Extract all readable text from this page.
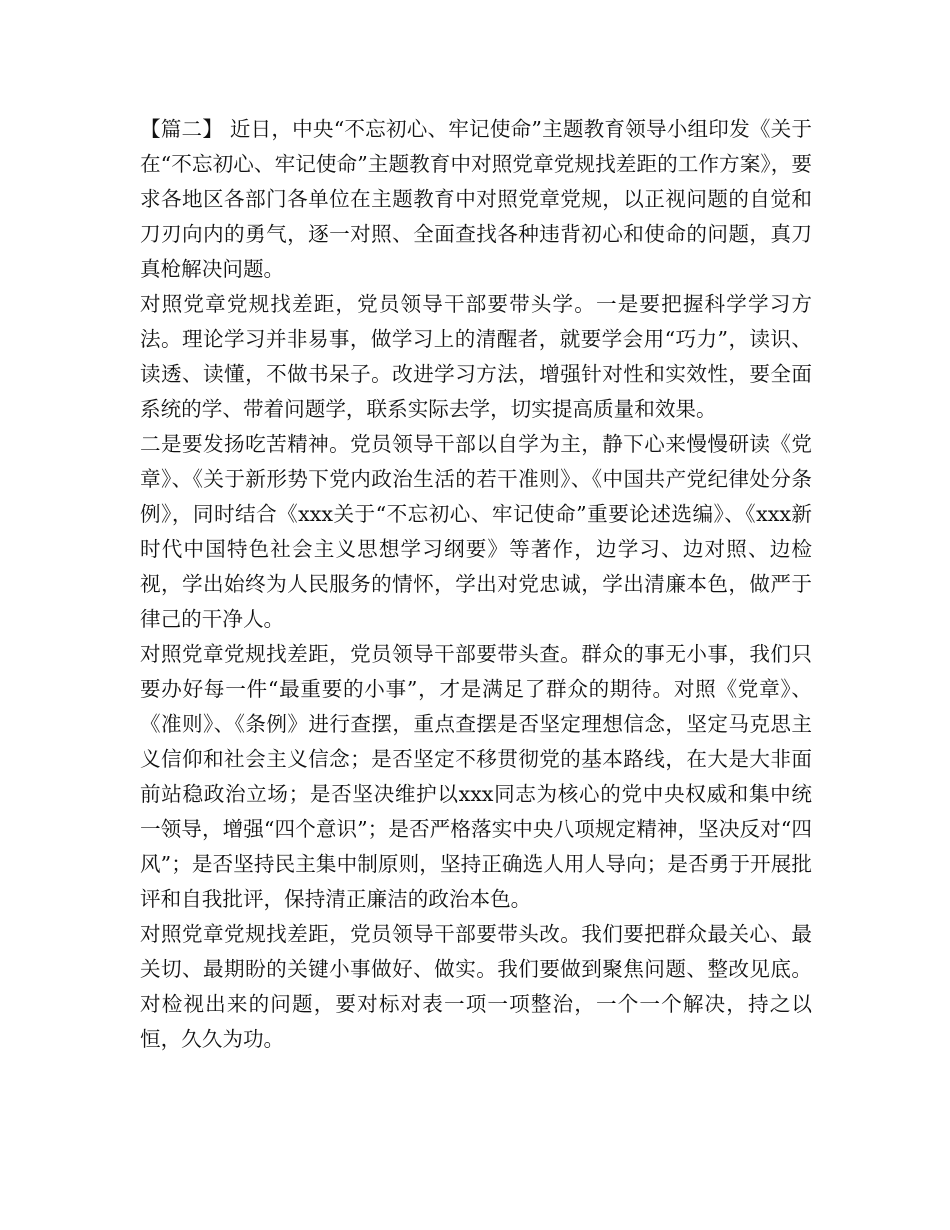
【篇二】 近日，中央“不忘初心、牢记使命”主题教育领导小组印发《关于在“不忘初心、牢记使命”主题教育中对照党章党规找差距的工作方案》，要求各地区各部门各单位在主题教育中对照党章党规，以正视问题的自觉和刀刃向内的勇气，逐一对照、全面查找各种违背初心和使命的问题，真刀真枪解决问题。

对照党章党规找差距，党员领导干部要带头学。一是要把握科学学习方法。理论学习并非易事，做学习上的清醒者，就要学会用“巧力”，读识、读透、读懂，不做书呆子。改进学习方法，增强针对性和实效性，要全面系统的学、带着问题学，联系实际去学，切实提高质量和效果。

二是要发扬吃苦精神。党员领导干部以自学为主，静下心来慢慢研读《党章》、《关于新形势下党内政治生活的若干准则》、《中国共产党纪律处分条例》，同时结合《xxx关于“不忘初心、牢记使命”重要论述选编》、《xxx新时代中国特色社会主义思想学习纲要》等著作，边学习、边对照、边检视，学出始终为人民服务的情怀，学出对党忠诚，学出清廉本色，做严于律己的干净人。

对照党章党规找差距，党员领导干部要带头查。群众的事无小事，我们只要办好每一件“最重要的小事”，才是满足了群众的期待。对照《党章》、《准则》、《条例》进行查摆，重点查摆是否坚定理想信念，坚定马克思主义信仰和社会主义信念；是否坚定不移贯彻党的基本路线，在大是大非面前站稳政治立场；是否坚决维护以xxx同志为核心的党中央权威和集中统一领导，增强“四个意识”；是否严格落实中央八项规定精神，坚决反对“四风”；是否坚持民主集中制原则，坚持正确选人用人导向；是否勇于开展批评和自我批评，保持清正廉洁的政治本色。

对照党章党规找差距，党员领导干部要带头改。我们要把群众最关心、最关切、最期盼的关键小事做好、做实。我们要做到聚焦问题、整改见底。对检视出来的问题，要对标对表一项一项整治，一个一个解决，持之以恒，久久为功。
